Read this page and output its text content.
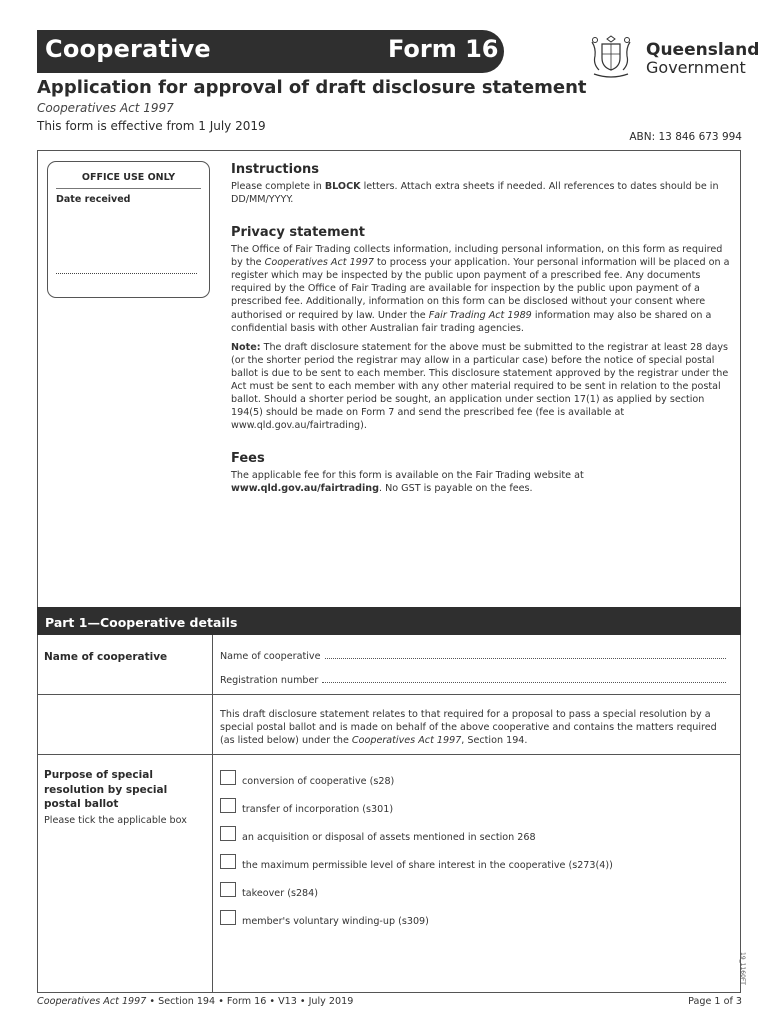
Cooperative	Form 16	Queensland
Government
Application for approval of draft disclosure statement
Cooperatives Act 1997
This form is effective from 1 July 2019
ABN: 13 846 673 994
OFFICE USE ONLY
Date received
Instructions
Please complete in BLOCK letters. Attach extra sheets if needed. All references to dates should be in DD/MM/YYYY.
Privacy statement
The Office of Fair Trading collects information, including personal information, on this form as required by the Cooperatives Act 1997 to process your application. Your personal information will be placed on a register which may be inspected by the public upon payment of a prescribed fee. Any documents required by the Office of Fair Trading are available for inspection by the public upon payment of a prescribed fee. Additionally, information on this form can be disclosed without your consent where authorised or required by law. Under the Fair Trading Act 1989 information may also be shared on a confidential basis with other Australian fair trading agencies.
Note: The draft disclosure statement for the above must be submitted to the registrar at least 28 days (or the shorter period the registrar may allow in a particular case) before the notice of special postal ballot is due to be sent to each member. This disclosure statement approved by the registrar under the Act must be sent to each member with any other material required to be sent in relation to the postal ballot. Should a shorter period be sought, an application under section 17(1) as applied by section 194(5) should be made on Form 7 and send the prescribed fee (fee is available at www.qld.gov.au/fairtrading).
Fees
The applicable fee for this form is available on the Fair Trading website at www.qld.gov.au/fairtrading. No GST is payable on the fees.
Part 1—Cooperative details
Name of cooperative	Name of cooperative
Registration number
This draft disclosure statement relates to that required for a proposal to pass a special resolution by a special postal ballot and is made on behalf of the above cooperative and contains the matters required (as listed below) under the Cooperatives Act 1997, Section 194.
Purpose of special
resolution by special
postal ballot
Please tick the applicable box
conversion of cooperative (s28)
transfer of incorporation (s301)
an acquisition or disposal of assets mentioned in section 268
the maximum permissible level of share interest in the cooperative (s273(4))
takeover (s284)
member's voluntary winding-up (s309)
19_1160FT
Cooperatives Act 1997 • Section 194 • Form 16 • V13 • July 2019	Page 1 of 3
